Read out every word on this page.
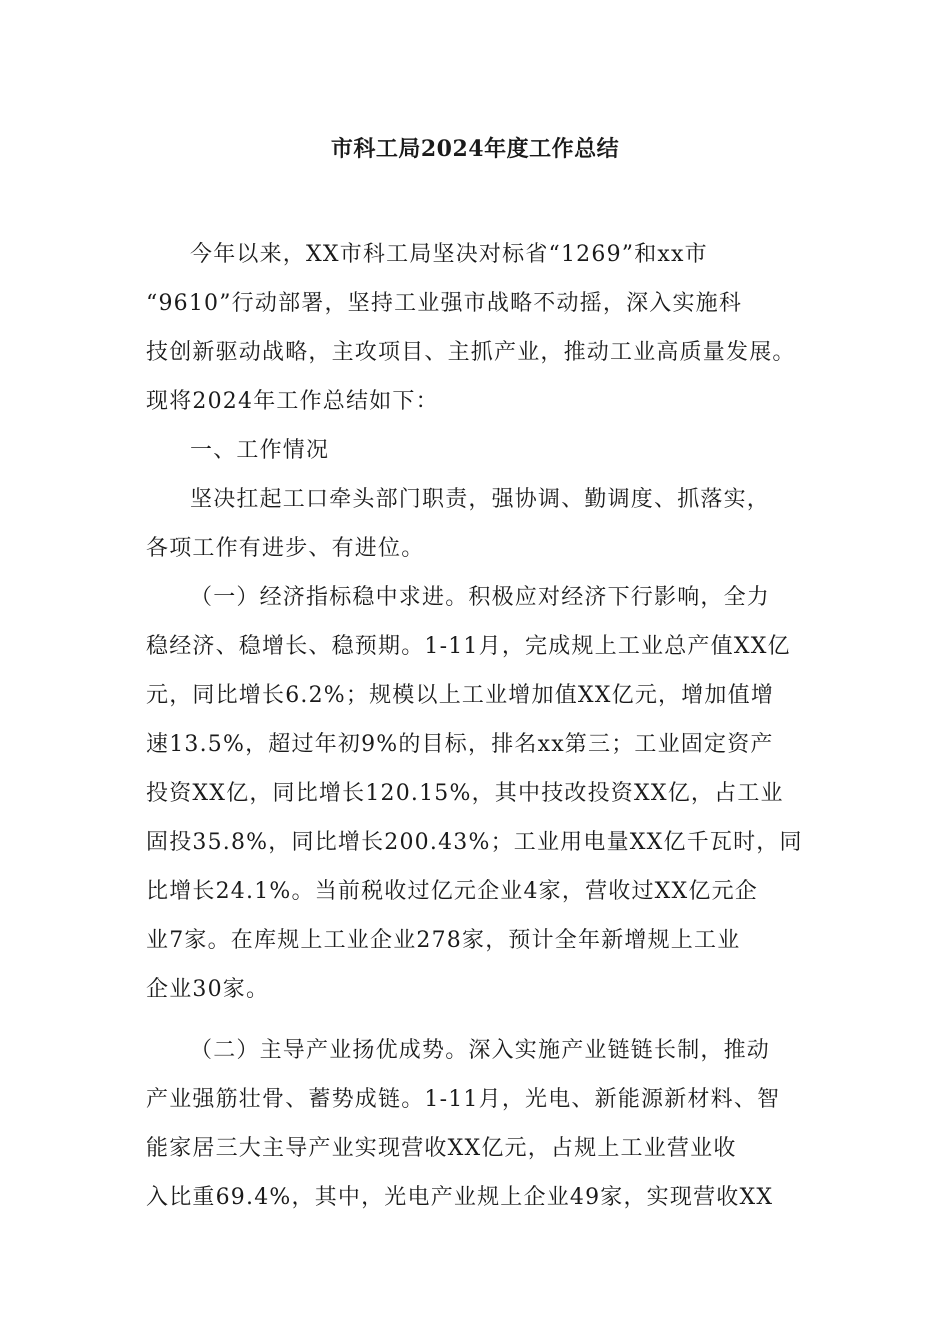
市科工局2024年度工作总结
今年以来，XX市科工局坚决对标省“1269”和xx市
“9610”行动部署，坚持工业强市战略不动摇，深入实施科
技创新驱动战略，主攻项目、主抓产业，推动工业高质量发展。
现将2024年工作总结如下：
一、工作情况
坚决扛起工口牵头部门职责，强协调、勤调度、抓落实，
各项工作有进步、有进位。
（一）经济指标稳中求进。积极应对经济下行影响，全力
稳经济、稳增长、稳预期。1-11月，完成规上工业总产值XX亿
元，同比增长6.2%；规模以上工业增加值XX亿元，增加值增
速13.5%，超过年初9%的目标，排名xx第三；工业固定资产
投资XX亿，同比增长120.15%，其中技改投资XX亿，占工业
固投35.8%，同比增长200.43%；工业用电量XX亿千瓦时，同
比增长24.1%。当前税收过亿元企业4家，营收过XX亿元企
业7家。在库规上工业企业278家，预计全年新增规上工业
企业30家。
（二）主导产业扬优成势。深入实施产业链链长制，推动
产业强筋壮骨、蓄势成链。1-11月，光电、新能源新材料、智
能家居三大主导产业实现营收XX亿元，占规上工业营业收
入比重69.4%，其中，光电产业规上企业49家，实现营收XX
